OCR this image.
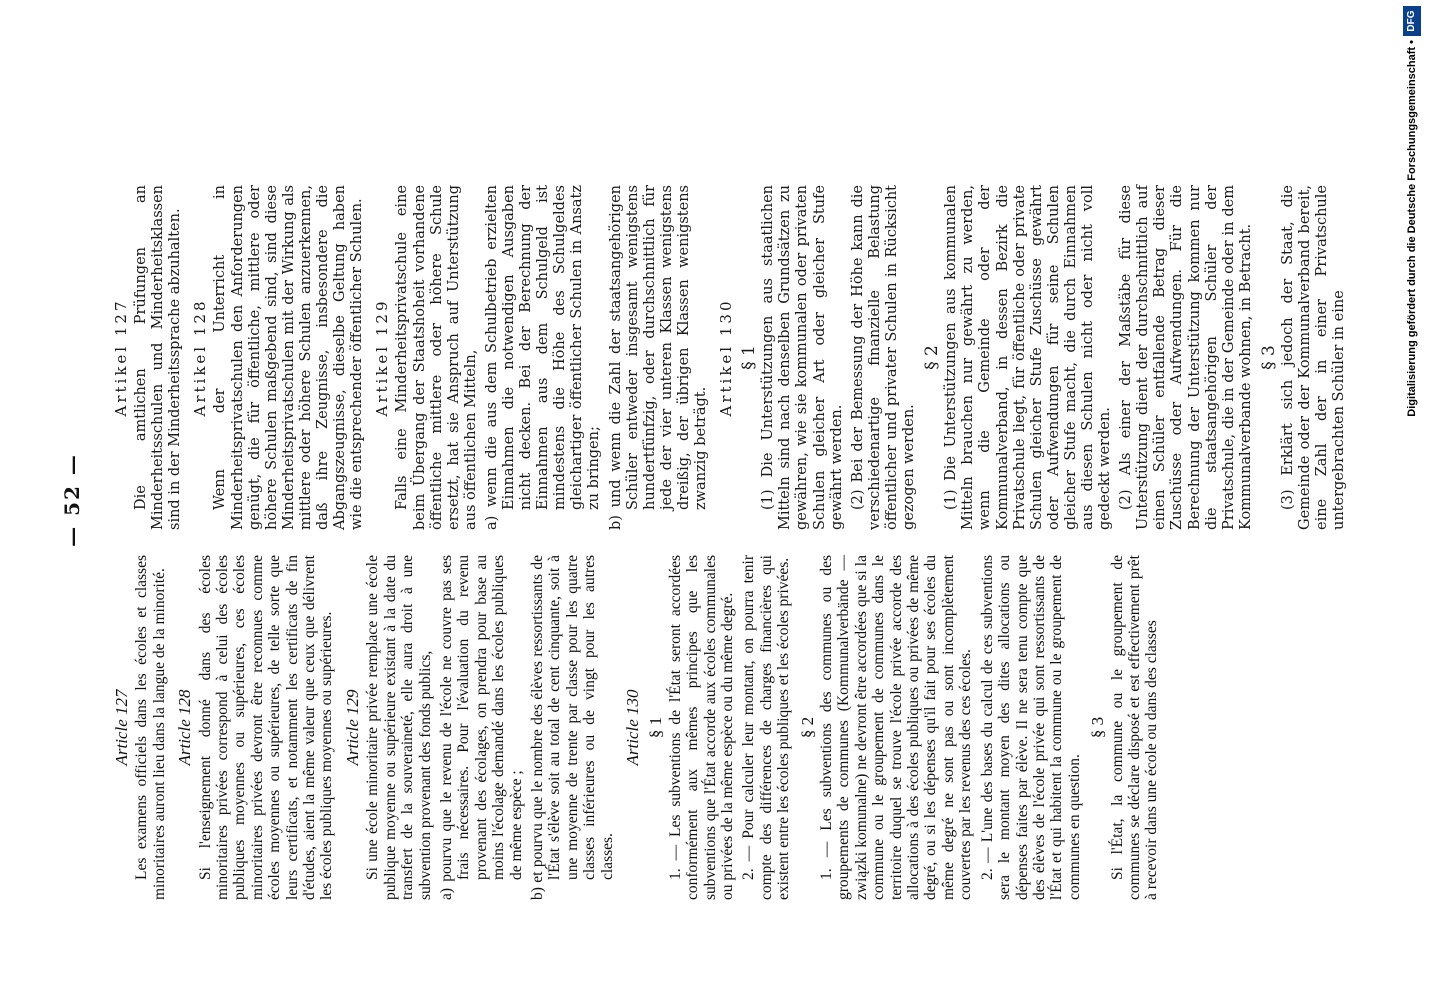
— 52 —
Article 127 Les examens officiels dans les écoles et classes minoritaires auront lieu dans la langue de la minorité. Article 128 Si l'enseignement donné dans des écoles minoritaires privées correspond à celui des écoles publiques moyennes ou supérieures, ces écoles minoritaires privées devront être reconnues comme écoles moyennes ou supérieures, de telle sorte que leurs certificats, et notamment les certificats de fin d'études, aient la même valeur que ceux que délivrent les écoles publiques moyennes ou supérieures. Article 129 Si une école minoritaire privée remplace une école publique moyenne ou supérieure existant à la date du transfert de la souveraineté, elle aura droit à une subvention provenant des fonds publics, a) pourvu que le revenu de l'école ne couvre pas ses frais nécessaires. Pour l'évaluation du revenu provenant des écolages, on prendra pour base au moins l'écolage demandé dans les écoles publiques de même espèce ; b) et pourvu que le nombre des élèves ressortissants de l'État s'élève soit au total de cent cinquante, soit à une moyenne de trente par classe pour les quatre classes inférieures ou de vingt pour les autres classes.
Article 130 § 1 1. — Les subventions de l'État seront accordées conformément aux mêmes principes que les subventions que l'État accorde aux écoles communales ou privées de la même espèce ou du même degré. 2. — Pour calculer leur montant, on pourra tenir compte des différences de charges financières qui existent entre les écoles publiques et les écoles privées. § 2 1. — Les subventions des communes ou des groupements de communes (Kommunalverbände — związki komunalne) ne devront être accordées que si la commune ou le groupement de communes dans le territoire duquel se trouve l'école privée accorde des allocations à des écoles publiques ou privées de même degré, ou si les dépenses qu'il fait pour ses écoles du même degré ne sont pas ou sont incomplètement couvertes par les revenus des ces écoles. 2. — L'une des bases du calcul de ces subventions sera le montant moyen des dites allocations ou dépenses faites par élève. Il ne sera tenu compte que des élèves de l'école privée qui sont ressortissants de l'État et qui habitent la commune ou le groupement de communes en question.
§ 3 Si l'État, la commune ou le groupement de communes se déclare disposé et est effectivement prêt à recevoir dans une école ou dans des classes
Artikel 127 Die amtlichen Prüfungen an Minderheitsschulen und Minderheitsklassen sind in der Minderheitssprache abzuhalten. Artikel 128 Wenn der Unterricht in Minderheitsprivatschulen den Anforderungen genügt, die für öffentliche, mittlere oder höhere Schulen maßgebend sind, sind diese Minderheitsprivatschulen mit der Wirkung als mittlere oder höhere Schulen anzuerkennen, daß ihre Zeugnisse, insbesondere die Abgangszeugnisse, dieselbe Geltung haben wie die entsprechender öffentlicher Schulen. Artikel 129 Falls eine Minderheitsprivatschule eine beim Übergang der Staatshoheit vorhandene öffentliche mittlere oder höhere Schule ersetzt, hat sie Anspruch auf Unterstützung aus öffentlichen Mitteln, a) wenn die aus dem Schulbetrieb erzielten Einnahmen die notwendigen Ausgaben nicht decken. Bei der Berechnung der Einnahmen aus dem Schulgeld ist mindestens die Höhe des Schulgeldes gleichartiger öffentlicher Schulen in Ansatz zu bringen; b) und wenn die Zahl der staatsangehörigen Schüler entweder insgesamt wenigstens hundertfünfzig, oder durchschnittlich für jede der vier unteren Klassen wenigstens dreißig, der übrigen Klassen wenigstens zwanzig beträgt.
Artikel 130 § 1 (1) Die Unterstützungen aus staatlichen Mitteln sind nach denselben Grundsätzen zu gewähren, wie sie kommunalen oder privaten Schulen gleicher Art oder gleicher Stufe gewährt werden. (2) Bei der Bemessung der Höhe kann die verschiedenartige finanzielle Belastung öffentlicher und privater Schulen in Rücksicht gezogen werden.
§ 2 (1) Die Unterstützungen aus kommunalen Mitteln brauchen nur gewährt zu werden, wenn die Gemeinde oder der Kommunalverband, in dessen Bezirk die Privatschule liegt, für öffentliche oder private Schulen gleicher Stufe Zuschüsse gewährt oder Aufwendungen für seine Schulen gleicher Stufe macht, die durch Einnahmen aus diesen Schulen nicht oder nicht voll gedeckt werden. (2) Als einer der Maßstäbe für diese Unterstützung dient der durchschnittlich auf einen Schüler entfallende Betrag dieser Zuschüsse oder Aufwendungen. Für die Berechnung der Unterstützung kommen nur die staatsangehörigen Schüler der Privatschule, die in der Gemeinde oder in dem Kommunalverbande wohnen, in Betracht. § 3 (3) Erklärt sich jedoch der Staat, die Gemeinde oder der Kommunalverband bereit, eine Zahl der in einer Privatschule untergebrachten Schüler in eine	Digitalisierung gefördert durch die Deutsche Forschungsgemeinschaft •
DFG
